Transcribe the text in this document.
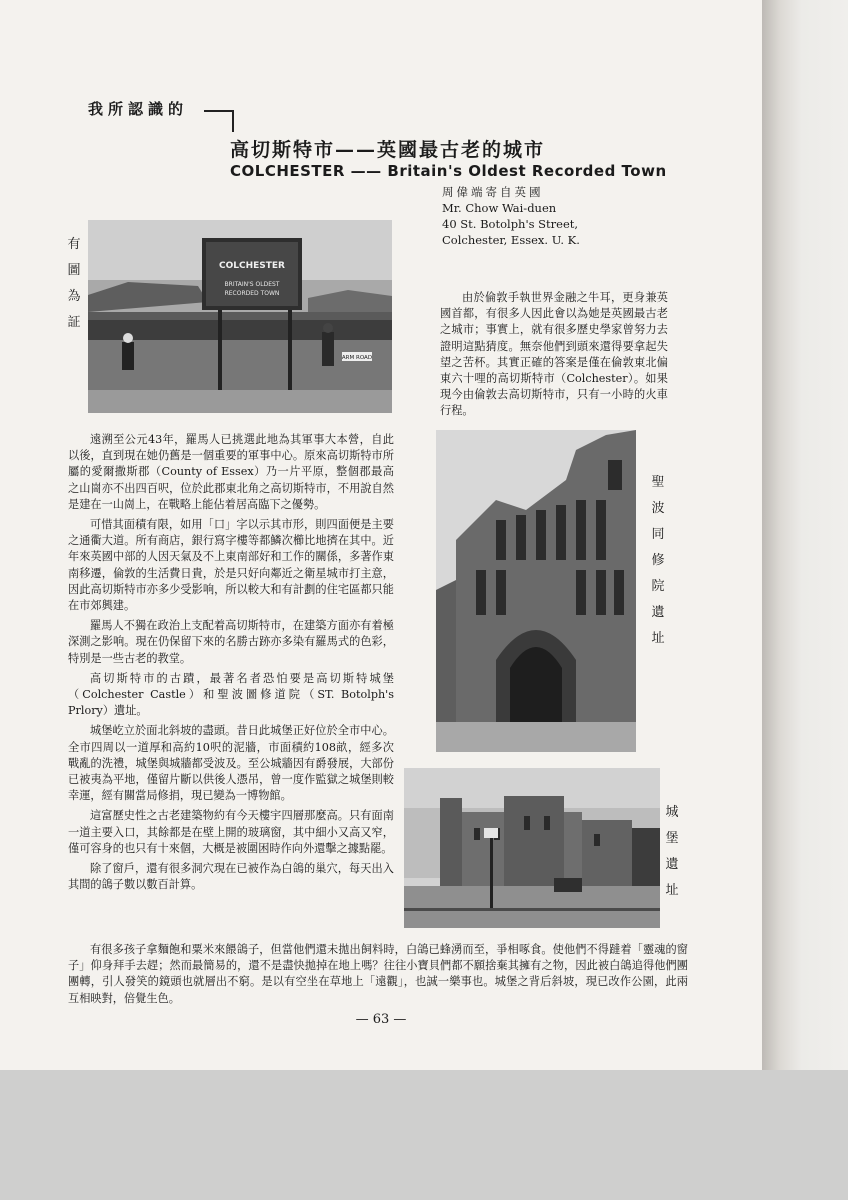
我所認識的
高切斯特市——英國最古老的城市
COLCHESTER —— Britain's Oldest Recorded Town
周偉端寄自英國
Mr. Chow Wai-duen
40 St. Botolph's Street,
Colchester, Essex. U. K.
有圖為証
COLCHESTER
BRITAIN'S OLDEST
RECORDED TOWN
ARM ROAD

由於倫敦手執世界金融之牛耳，更身兼英國首都，有很多人因此會以為她是英國最古老之城市；事實上，就有很多歷史學家曾努力去證明這點猜度。無奈他們到頭來還得要拿起失望之苦杯。其實正確的答案是僅在倫敦東北偏東六十哩的高切斯特市（Colchester）。如果現今由倫敦去高切斯特市，只有一小時的火車行程。

遠溯至公元43年，羅馬人已挑選此地為其軍事大本營，自此以後，直到現在她仍舊是一個重要的軍事中心。原來高切斯特市所屬的愛爾撒斯郡（County of Essex）乃一片平原，整個郡最高之山崗亦不出四百呎，位於此郡東北角之高切斯特市，不用說自然是建在一山崗上，在戰略上能佔着居高臨下之優勢。

可惜其面積有限，如用「口」字以示其市形，則四面便是主要之通衢大道。所有商店，銀行寫字樓等都鱗次櫛比地擠在其中。近年來英國中部的人因天氣及不上東南部好和工作的關係，多著作東南移遷，倫敦的生活費日貴，於是只好向鄰近之衛星城市打主意，因此高切斯特市亦多少受影响，所以較大和有計劃的住宅區都只能在市郊興建。

羅馬人不獨在政治上支配着高切斯特市，在建築方面亦有着極深測之影响。現在仍保留下來的名勝古跡亦多染有羅馬式的色彩，特別是一些古老的教堂。

高切斯特市的古蹟，最著名者恐怕要是高切斯特城堡（Colchester Castle）和聖波圖修道院（ST. Botolph's Prlory）遺址。

城堡屹立於面北斜坡的盡頭。昔日此城堡正好位於全市中心。全市四周以一道厚和高約10呎的泥牆，市面積約108畝，經多次戰亂的洗禮，城堡與城牆都受波及。至公城牆因有爵發展，大部份已被夷為平地，僅留片斷以供後人憑吊，曾一度作監獄之城堡則較幸運，經有關當局修捐，現已變為一博物館。

這富歷史性之古老建築物約有今天樓宇四層那麼高。只有面南一道主要入口，其餘都是在壁上開的玻璃窗，其中細小又高又窄，僅可容身的也只有十來個，大概是被圍困時作向外還擊之據點罷。

除了窗戶，還有很多洞穴現在已被作為白鴿的巢穴，每天出入其間的鴿子數以數百計算。

聖波同修院遺址
城堡遺址

有很多孩子拿麵飽和粟米來餵鴿子，但當他們還未拋出飼料時，白鴿已蜂湧而至，爭相啄食。使他們不得躂着「靈魂的窗子」仰身拜手去趕；然而最簡易的，還不是盡快拋掉在地上嗎？往往小寶貝們都不願捨棄其擁有之物，因此被白鴿追得他們團團轉，引人發笑的鏡頭也就層出不窮。是以有空坐在草地上「遠觀」，也誠一樂事也。城堡之背后斜坡，現已改作公園，此兩互相映對，倍覺生色。

— 63 —
